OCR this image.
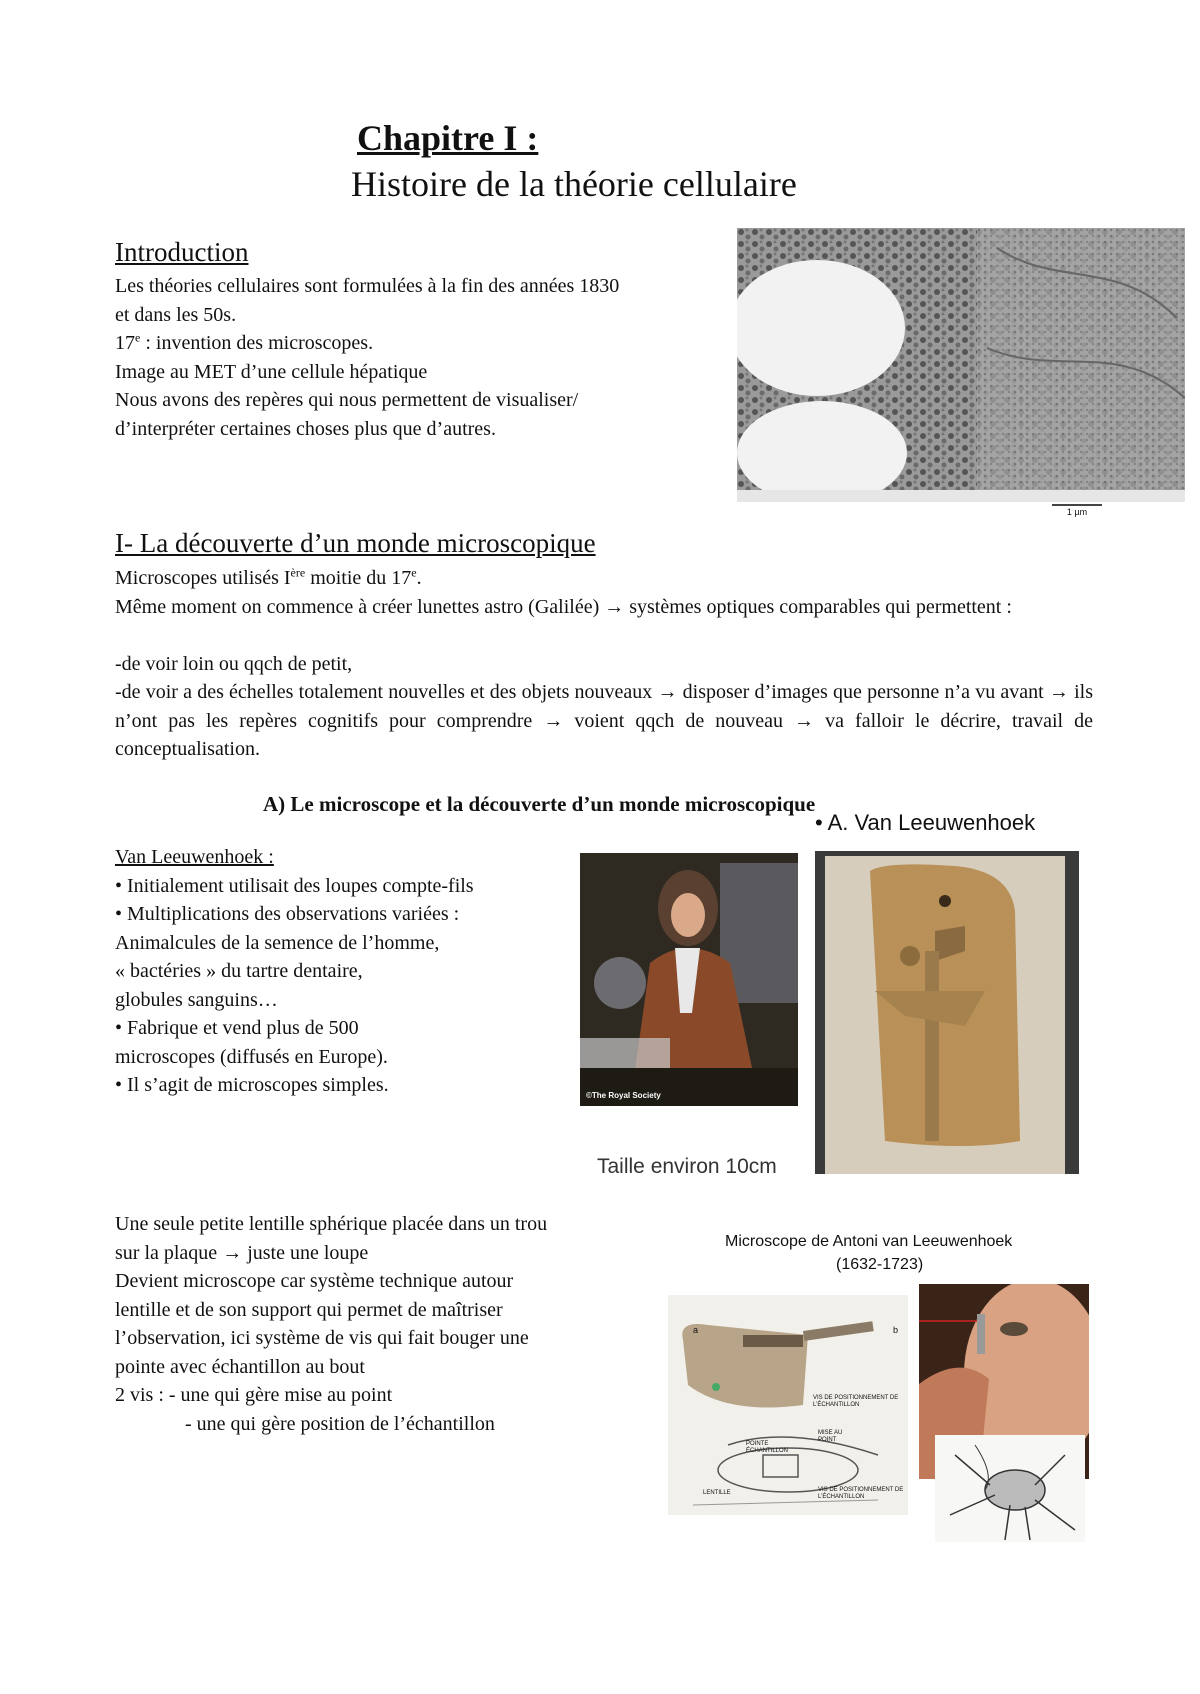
Chapitre I :
Histoire de la théorie cellulaire
Introduction
Les théories cellulaires sont formulées à la fin des années 1830
et dans les 50s.
17e : invention des microscopes.
Image au MET d’une cellule hépatique
Nous avons des repères qui nous permettent de visualiser/
d’interpréter certaines choses plus que d’autres.
1 µm
I- La découverte d’un monde microscopique
Microscopes utilisés Ière moitie du 17e.
Même moment on commence à créer lunettes astro (Galilée) → systèmes optiques comparables qui permettent :
-de voir loin ou qqch de petit,
-de voir a des échelles totalement nouvelles et des objets nouveaux → disposer d’images que personne n’a vu avant → ils n’ont pas les repères cognitifs pour comprendre → voient qqch de nouveau → va falloir le décrire, travail de conceptualisation.
A) Le microscope et la découverte d’un monde microscopique
• A. Van Leeuwenhoek
Van Leeuwenhoek :
• Initialement utilisait des loupes compte-fils
• Multiplications des observations variées :
Animalcules de la semence de l’homme,
« bactéries » du tartre dentaire,
globules sanguins…
• Fabrique et vend plus de 500
microscopes (diffusés en Europe).
• Il s’agit de microscopes simples.	©The Royal Society
Taille environ 10cm
Une seule petite lentille sphérique placée dans un trou
sur la plaque → juste une loupe
Devient microscope car système technique autour
lentille et de son support qui permet de maîtriser
l’observation, ici système de vis qui fait bouger une
pointe avec échantillon au bout
2 vis : - une qui gère mise au point
- une qui gère position de l’échantillon
Microscope de Antoni van Leeuwenhoek
(1632-1723)
a	b
VIS DE POSITIONNEMENT DE L’ÉCHANTILLON
MISE AU POINT
POINTE ÉCHANTILLON
LENTILLE	VIS DE POSITIONNEMENT DE L’ÉCHANTILLON
